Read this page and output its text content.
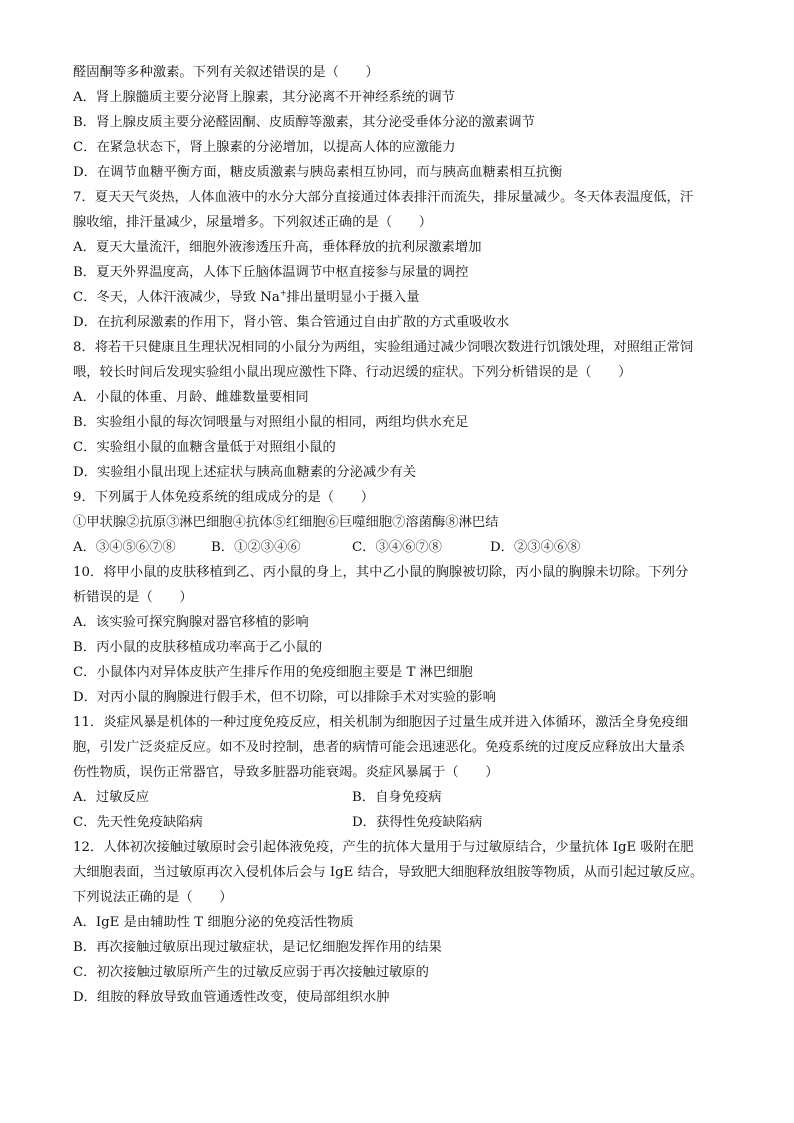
醛固酮等多种激素。下列有关叙述错误的是（　　）
A．肾上腺髓质主要分泌肾上腺素，其分泌离不开神经系统的调节
B．肾上腺皮质主要分泌醛固酮、皮质醇等激素，其分泌受垂体分泌的激素调节
C．在紧急状态下，肾上腺素的分泌增加，以提高人体的应激能力
D．在调节血糖平衡方面，糖皮质激素与胰岛素相互协同，而与胰高血糖素相互抗衡
7．夏天天气炎热，人体血液中的水分大部分直接通过体表排汗而流失，排尿量减少。冬天体表温度低，汗
腺收缩，排汗量减少，尿量增多。下列叙述正确的是（　　）
A．夏天大量流汗，细胞外液渗透压升高，垂体释放的抗利尿激素增加
B．夏天外界温度高，人体下丘脑体温调节中枢直接参与尿量的调控
C．冬天，人体汗液减少，导致 Na+排出量明显小于摄入量
D．在抗利尿激素的作用下，肾小管、集合管通过自由扩散的方式重吸收水
8．将若干只健康且生理状况相同的小鼠分为两组，实验组通过减少饲喂次数进行饥饿处理，对照组正常饲
喂，较长时间后发现实验组小鼠出现应激性下降、行动迟缓的症状。下列分析错误的是（　　）
A．小鼠的体重、月龄、雌雄数量要相同
B．实验组小鼠的每次饲喂量与对照组小鼠的相同，两组均供水充足
C．实验组小鼠的血糖含量低于对照组小鼠的
D．实验组小鼠出现上述症状与胰高血糖素的分泌减少有关
9．下列属于人体免疫系统的组成成分的是（　　）
①甲状腺②抗原③淋巴细胞④抗体⑤红细胞⑥巨噬细胞⑦溶菌酶⑧淋巴结
A．③④⑤⑥⑦⑧	B．①②③④⑥	C．③④⑥⑦⑧	D．②③④⑥⑧
10．将甲小鼠的皮肤移植到乙、丙小鼠的身上，其中乙小鼠的胸腺被切除，丙小鼠的胸腺未切除。下列分
析错误的是（　　）
A．该实验可探究胸腺对器官移植的影响
B．丙小鼠的皮肤移植成功率高于乙小鼠的
C．小鼠体内对异体皮肤产生排斥作用的免疫细胞主要是 T 淋巴细胞
D．对丙小鼠的胸腺进行假手术，但不切除，可以排除手术对实验的影响
11．炎症风暴是机体的一种过度免疫反应，相关机制为细胞因子过量生成并进入体循环，激活全身免疫细
胞，引发广泛炎症反应。如不及时控制，患者的病情可能会迅速恶化。免疫系统的过度反应释放出大量杀
伤性物质，误伤正常器官，导致多脏器功能衰竭。炎症风暴属于（　　）
A．过敏反应	B．自身免疫病
C．先天性免疫缺陷病	D．获得性免疫缺陷病
12．人体初次接触过敏原时会引起体液免疫，产生的抗体大量用于与过敏原结合，少量抗体 IgE 吸附在肥
大细胞表面，当过敏原再次入侵机体后会与 IgE 结合，导致肥大细胞释放组胺等物质，从而引起过敏反应。
下列说法正确的是（　　）
A．IgE 是由辅助性 T 细胞分泌的免疫活性物质
B．再次接触过敏原出现过敏症状，是记忆细胞发挥作用的结果
C．初次接触过敏原所产生的过敏反应弱于再次接触过敏原的
D．组胺的释放导致血管通透性改变，使局部组织水肿
